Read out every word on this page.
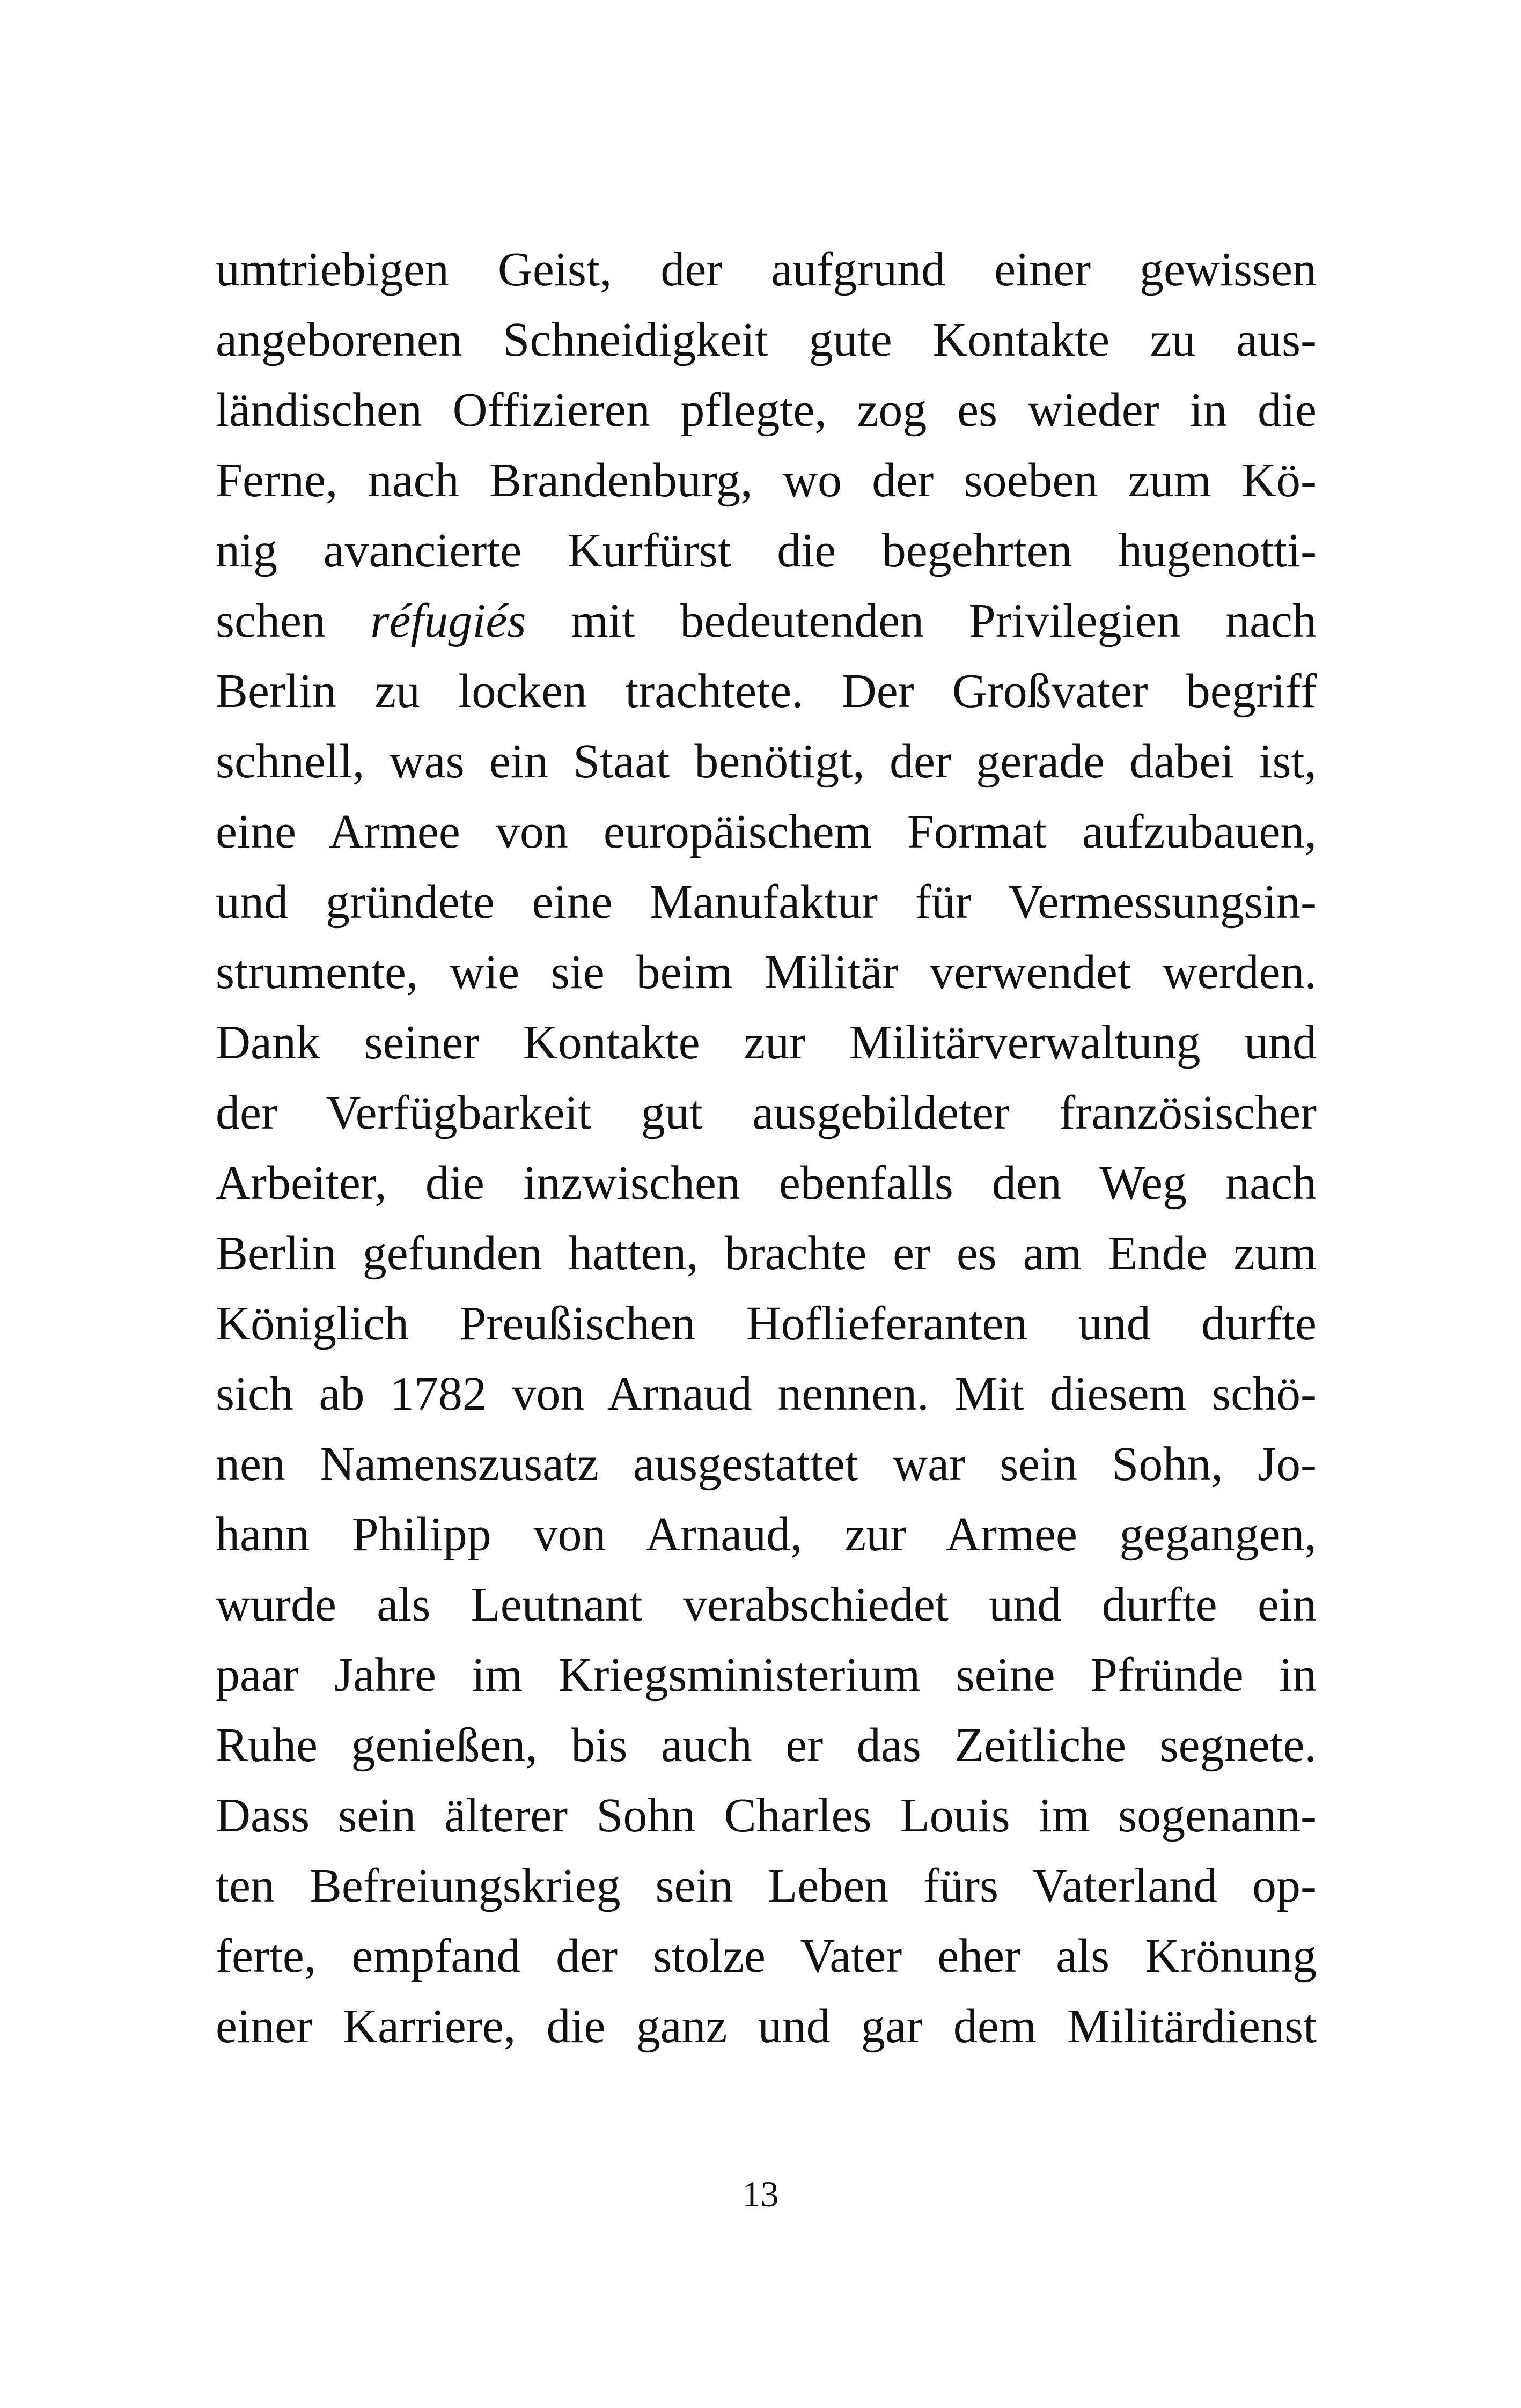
umtriebigen Geist, der aufgrund einer gewissen
angeborenen Schneidigkeit gute Kontakte zu aus-
ländischen Offizieren pflegte, zog es wieder in die
Ferne, nach Brandenburg, wo der soeben zum Kö-
nig avancierte Kurfürst die begehrten hugenotti-
schen réfugiés mit bedeutenden Privilegien nach
Berlin zu locken trachtete. Der Großvater begriff
schnell, was ein Staat benötigt, der gerade dabei ist,
eine Armee von europäischem Format aufzubauen,
und gründete eine Manufaktur für Vermessungsin-
strumente, wie sie beim Militär verwendet werden.
Dank seiner Kontakte zur Militärverwaltung und
der Verfügbarkeit gut ausgebildeter französischer
Arbeiter, die inzwischen ebenfalls den Weg nach
Berlin gefunden hatten, brachte er es am Ende zum
Königlich Preußischen Hoflieferanten und durfte
sich ab 1782 von Arnaud nennen. Mit diesem schö-
nen Namenszusatz ausgestattet war sein Sohn, Jo-
hann Philipp von Arnaud, zur Armee gegangen,
wurde als Leutnant verabschiedet und durfte ein
paar Jahre im Kriegsministerium seine Pfründe in
Ruhe genießen, bis auch er das Zeitliche segnete.
Dass sein älterer Sohn Charles Louis im sogenann-
ten Befreiungskrieg sein Leben fürs Vaterland op-
ferte, empfand der stolze Vater eher als Krönung
einer Karriere, die ganz und gar dem Militärdienst
13
